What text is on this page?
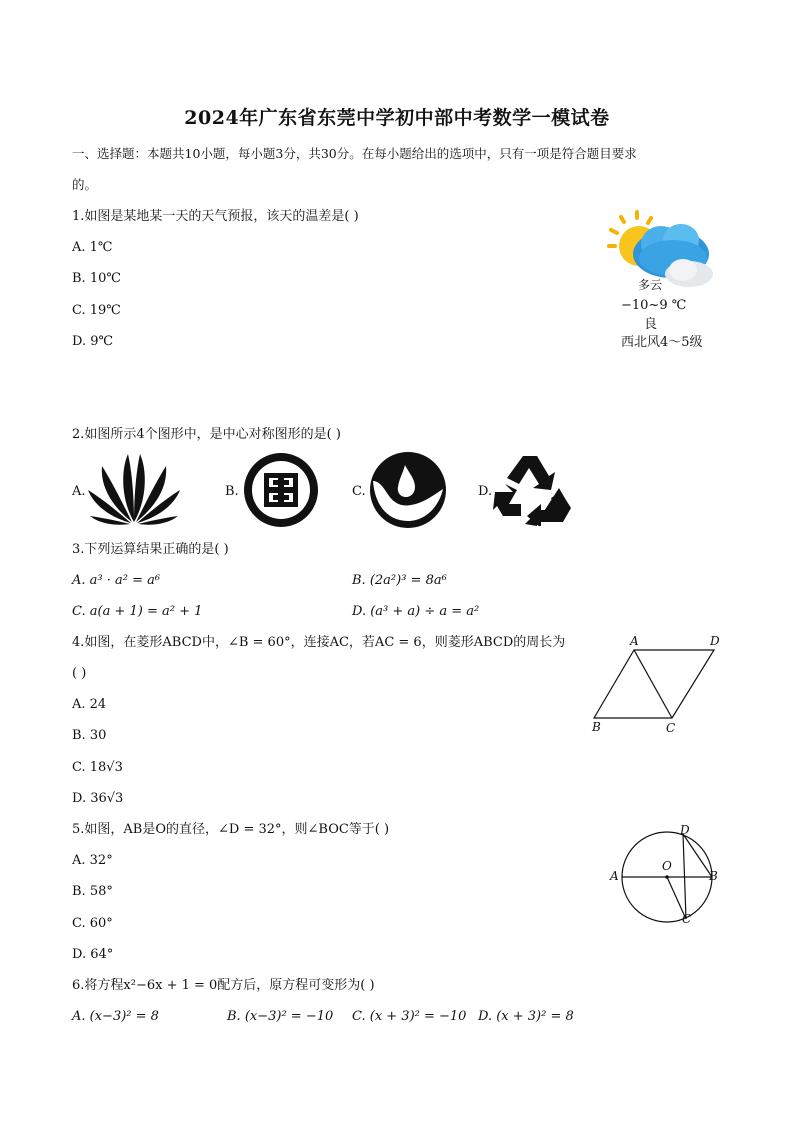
2024年广东省东莞中学初中部中考数学一模试卷
一、选择题：本题共10小题，每小题3分，共30分。在每小题给出的选项中，只有一项是符合题目要求
的。
1.如图是某地某一天的天气预报，该天的温差是( )
A. 1℃
B. 10℃
C. 19℃
D. 9℃
多云
−10~9 ℃
良
西北风4～5级
2.如图所示4个图形中，是中心对称图形的是( )
A.	B.	C.	D.
3.下列运算结果正确的是( )
A. a³ · a² = a⁶	B. (2a²)³ = 8a⁶
C. a(a + 1) = a² + 1	D. (a³ + a) ÷ a = a²
4.如图，在菱形ABCD中，∠B = 60°，连接AC，若AC = 6，则菱形ABCD的周长为
( )
A. 24
B. 30
C. 18√3
D. 36√3
A	D
B	C
5.如图，AB是O的直径，∠D = 32°，则∠BOC等于( )
A. 32°
B. 58°
C. 60°
D. 64°
D
O
A	B
C
6.将方程x²−6x + 1 = 0配方后，原方程可变形为( )
A. (x−3)² = 8	B. (x−3)² = −10 C. (x + 3)² = −10 D. (x + 3)² = 8
